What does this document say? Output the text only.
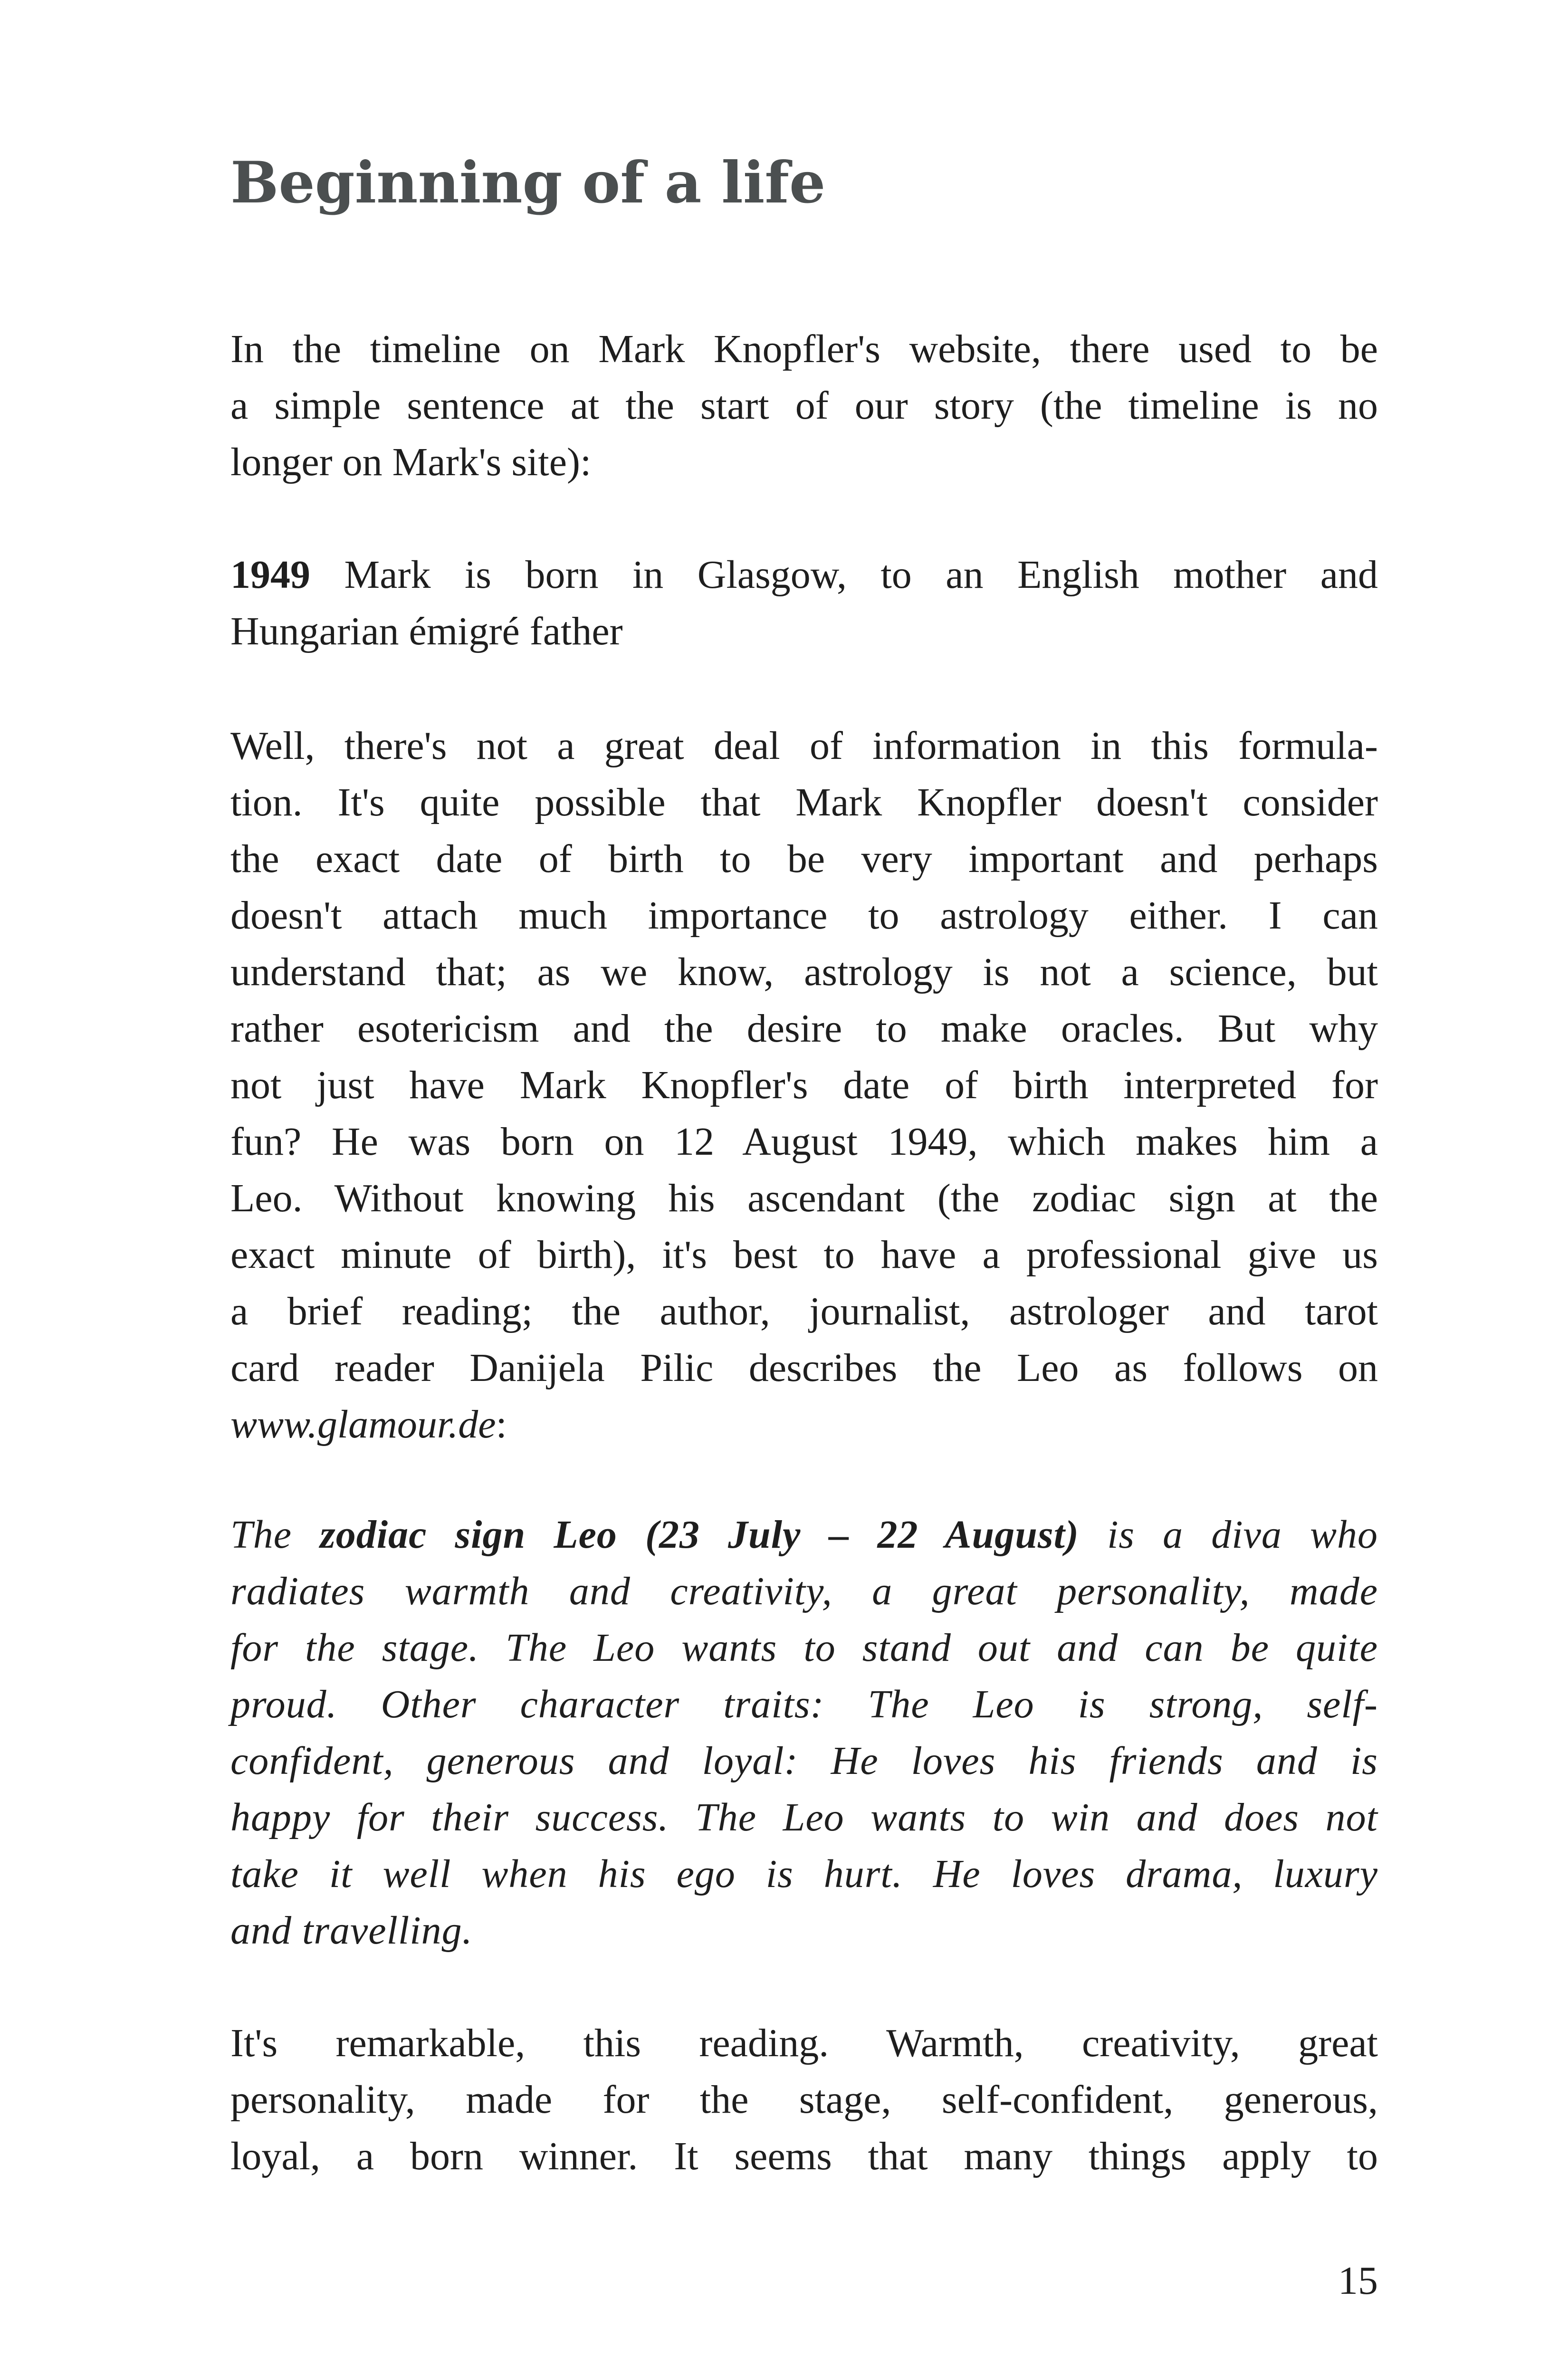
Beginning of a life
In the timeline on Mark Knopfler's website, there used to be
a simple sentence at the start of our story (the timeline is no
longer on Mark's site):
1949 Mark is born in Glasgow, to an English mother and
Hungarian émigré father
Well, there's not a great deal of information in this formula-
tion. It's quite possible that Mark Knopfler doesn't consider
the exact date of birth to be very important and perhaps
doesn't attach much importance to astrology either. I can
understand that; as we know, astrology is not a science, but
rather esotericism and the desire to make oracles. But why
not just have Mark Knopfler's date of birth interpreted for
fun? He was born on 12 August 1949, which makes him a
Leo. Without knowing his ascendant (the zodiac sign at the
exact minute of birth), it's best to have a professional give us
a brief reading; the author, journalist, astrologer and tarot
card reader Danijela Pilic describes the Leo as follows on
www.glamour.de:
The zodiac sign Leo (23 July – 22 August) is a diva who
radiates warmth and creativity, a great personality, made
for the stage. The Leo wants to stand out and can be quite
proud. Other character traits: The Leo is strong, self-
confident, generous and loyal: He loves his friends and is
happy for their success. The Leo wants to win and does not
take it well when his ego is hurt. He loves drama, luxury
and travelling.
It's remarkable, this reading. Warmth, creativity, great
personality, made for the stage, self-confident, generous,
loyal, a born winner. It seems that many things apply to

15
